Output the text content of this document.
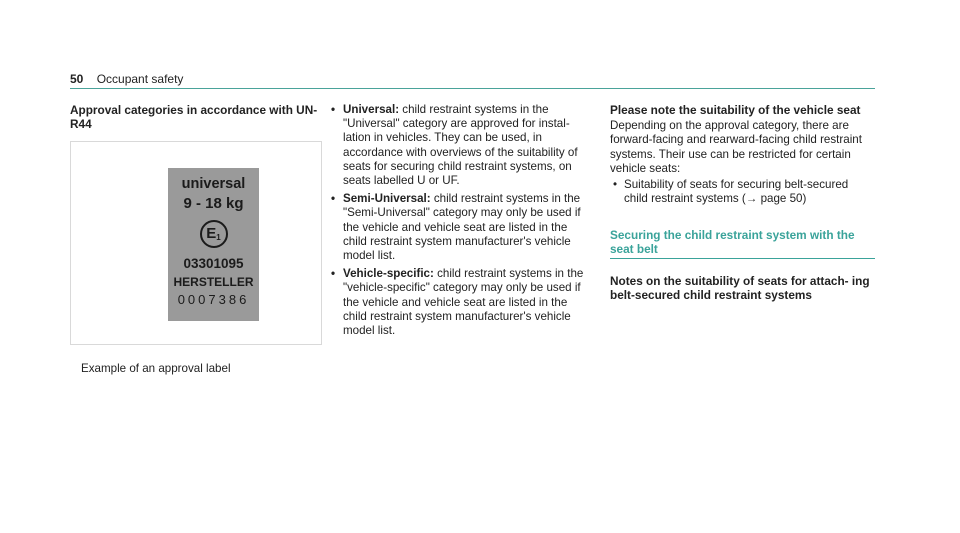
50 Occupant safety

Approval categories in accordance with UN-R44

universal
9 - 18 kg
$E_1$
03301095
HERSTELLER
0007386
Example of an approval label
• Universal: child restraint systems in the "Universal" category are approved for instal- lation in vehicles. They can be used, in accordance with overviews of the suitability of seats for securing child restraint systems, on seats labelled U or UF.
• Semi-Universal: child restraint systems in the "Semi-Universal" category may only be used if the vehicle and vehicle seat are listed in the child restraint system manufacturer's vehicle model list.
• Vehicle-specific: child restraint systems in the "vehicle-specific" category may only be used if the vehicle and vehicle seat are listed in the child restraint system manufacturer's vehicle model list.

Please note the suitability of the vehicle seat

Depending on the approval category, there are forward-facing and rearward-facing child restraint systems. Their use can be restricted for certain vehicle seats:

• Suitability of seats for securing belt-secured child restraint systems (→ page 50)
Securing the child restraint system with the seat belt
Notes on the suitability of seats for attach- ing belt-secured child restraint systems
